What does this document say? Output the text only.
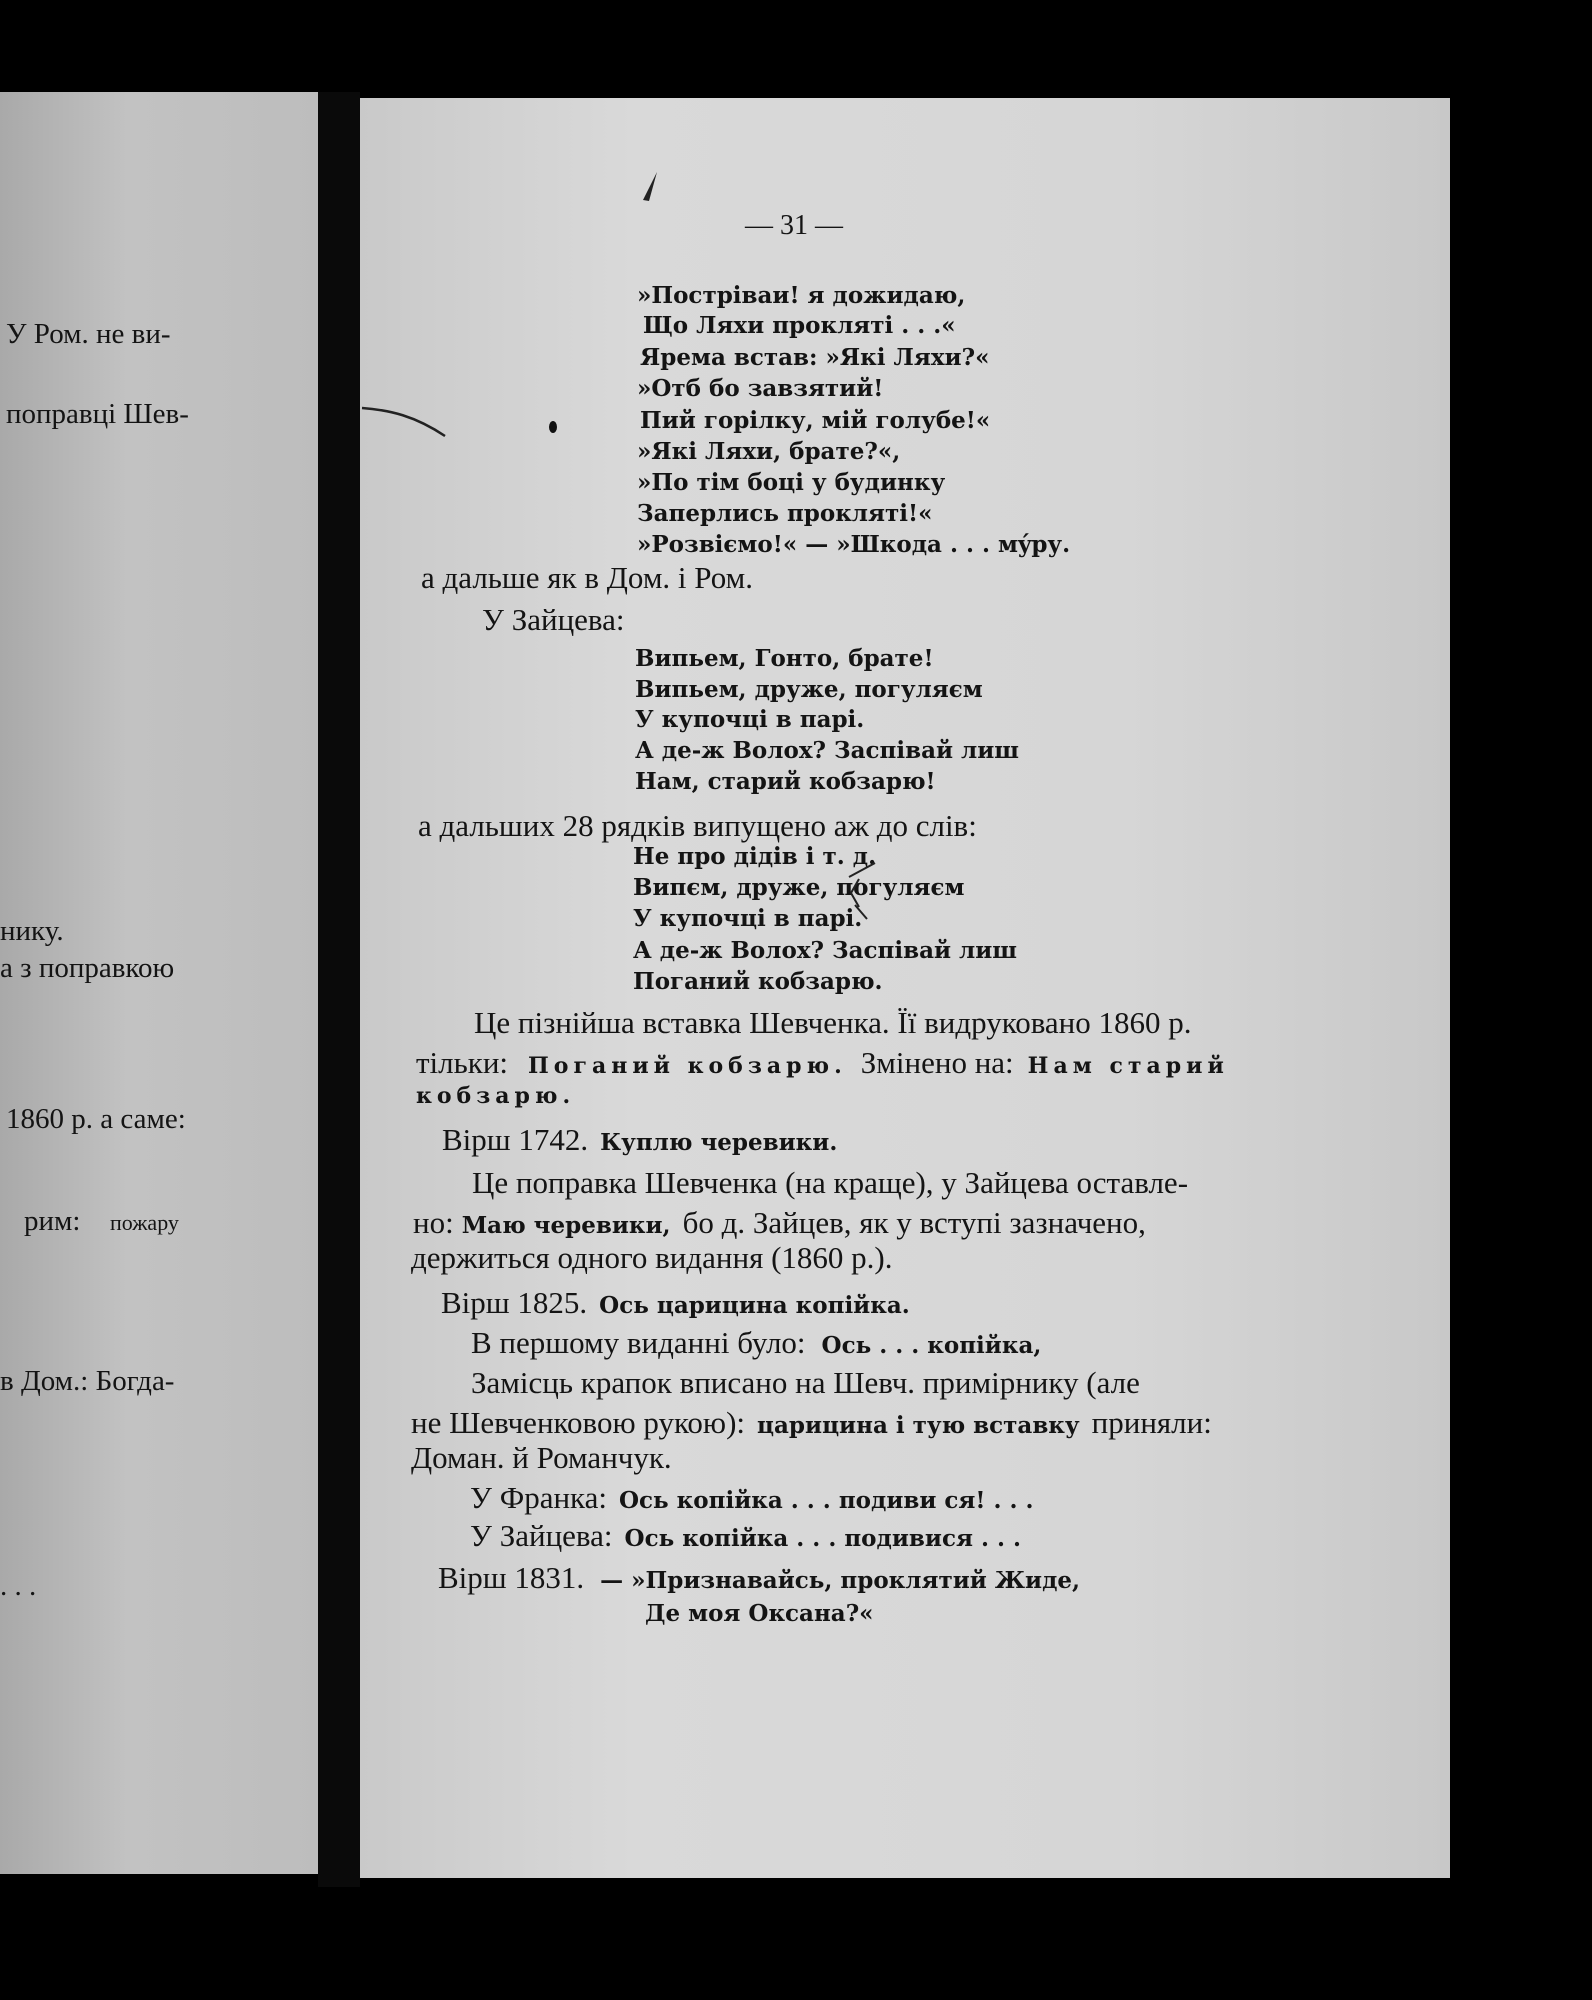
У Ром. не ви-
поправці Шев-
нику.
а з поправкою
1860 р. а саме:
рим: пожару
в Дом.: Богда-
. . .
— 31 —
»Постріваи! я дожидаю,
Що Ляхи прокляті . . .«
Ярема встав: »Які Ляхи?«
»Отб бо завзятий!
Пий горілку, мій голубе!«
»Які Ляхи, брате?«,
»По тім боці у будинку
Заперлись прокляті!«
»Розвіємо!« — »Шкода . . . мýру.
а дальше як в Дом. і Ром.
У Зайцева:
Випьем, Гонто, брате!
Випьем, друже, погуляєм
У купочці в парі.
А де-ж Волох? Заспівай лиш
Нам, старий кобзарю!
а дальших 28 рядків випущено аж до слів:
Не про дідів і т. д.
Випєм, друже, погуляєм
У купочці в парі.
А де-ж Волох? Заспівай лиш
Поганий кобзарю.
Це пізнійша вставка Шевченка. Її видруковано 1860 р.
тільки: Поганий кобзарю. Змінено на: Нам старий
кобзарю.
Вірш 1742. Куплю черевики.
Це поправка Шевченка (на краще), у Зайцева оставле-
но: Маю черевики, бо д. Зайцев, як у вступі зазначено,
держиться одного видання (1860 р.).
Вірш 1825. Ось царицина копійка.
В першому виданні було: Ось . . . копійка,
Замісць крапок вписано на Шевч. примірнику (але
не Шевченковою рукою): царицина і тую вставку приняли:
Доман. й Романчук.
У Франка: Ось копійка . . . подиви ся! . . .
У Зайцева: Ось копійка . . . подивися . . .
Вірш 1831. — »Признавайсь, проклятий Жиде,
Де моя Оксана?«
